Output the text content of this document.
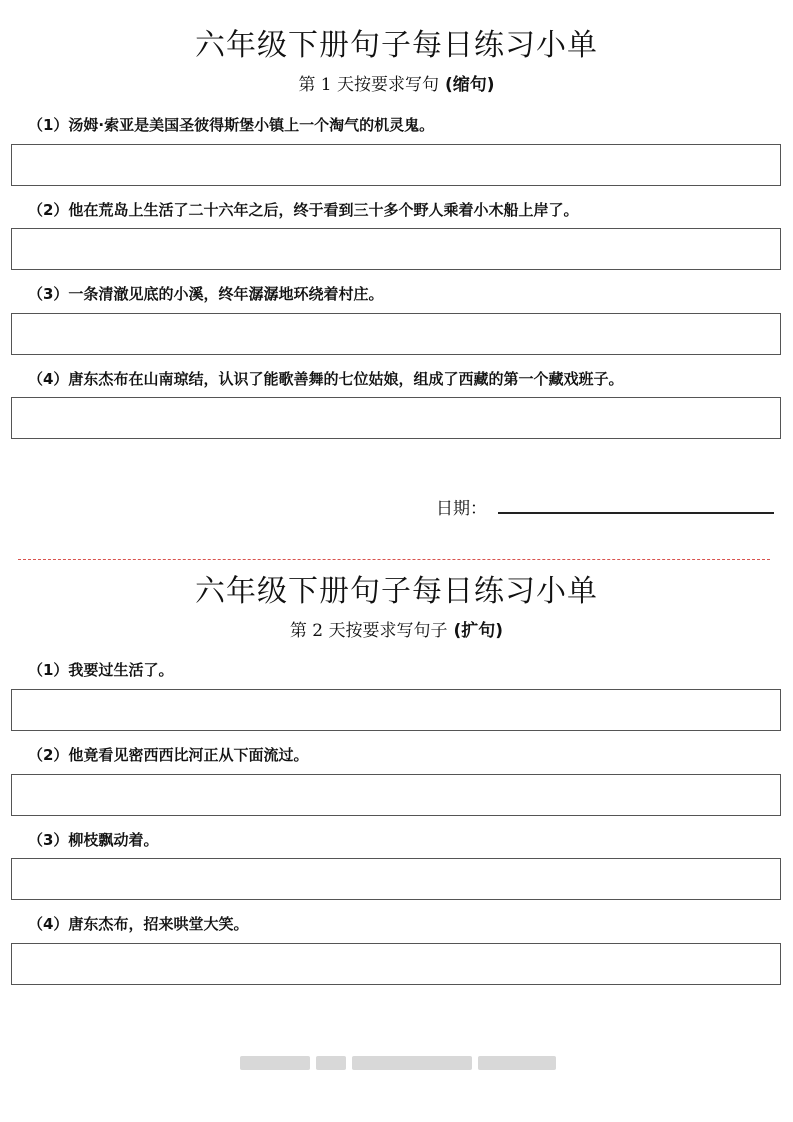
六年级下册句子每日练习小单
第 1 天按要求写句 (缩句)
（1）汤姆·索亚是美国圣彼得斯堡小镇上一个淘气的机灵鬼。
（2）他在荒岛上生活了二十六年之后，终于看到三十多个野人乘着小木船上岸了。
（3）一条清澈见底的小溪，终年潺潺地环绕着村庄。
（4）唐东杰布在山南琼结，认识了能歌善舞的七位姑娘，组成了西藏的第一个藏戏班子。
日期：
六年级下册句子每日练习小单
第 2 天按要求写句子 (扩句)
（1）我要过生活了。
（2）他竟看见密西西比河正从下面流过。
（3）柳枝飘动着。
（4）唐东杰布，招来哄堂大笑。
